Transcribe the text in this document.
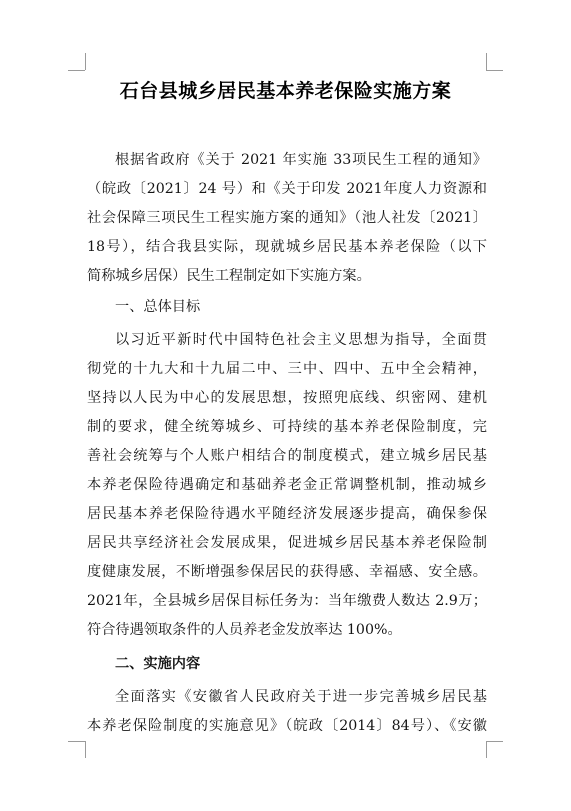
石台县城乡居民基本养老保险实施方案
根据省政府《关于 2021 年实施 33项民生工程的通知》
（皖政〔2021〕24 号）和《关于印发 2021年度人力资源和
社会保障三项民生工程实施方案的通知》（池人社发〔2021〕
18号），结合我县实际，现就城乡居民基本养老保险（以下
简称城乡居保）民生工程制定如下实施方案。
一、总体目标
以习近平新时代中国特色社会主义思想为指导，全面贯
彻党的十九大和十九届二中、三中、四中、五中全会精神，
坚持以人民为中心的发展思想，按照兜底线、织密网、建机
制的要求，健全统筹城乡、可持续的基本养老保险制度，完
善社会统筹与个人账户相结合的制度模式，建立城乡居民基
本养老保险待遇确定和基础养老金正常调整机制，推动城乡
居民基本养老保险待遇水平随经济发展逐步提高，确保参保
居民共享经济社会发展成果，促进城乡居民基本养老保险制
度健康发展，不断增强参保居民的获得感、幸福感、安全感。
2021年，全县城乡居保目标任务为：当年缴费人数达 2.9万；
符合待遇领取条件的人员养老金发放率达 100%。
二、实施内容
全面落实《安徽省人民政府关于进一步完善城乡居民基
本养老保险制度的实施意见》（皖政〔2014〕84号）、《安徽
